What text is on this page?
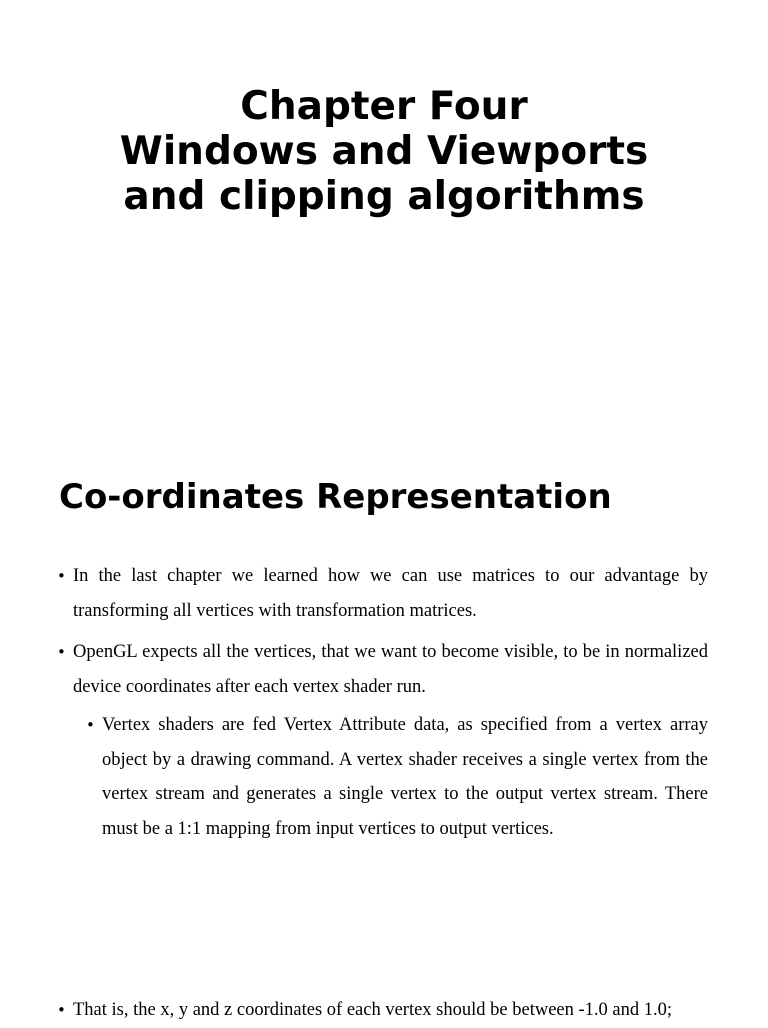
Chapter Four
Windows and Viewports
and clipping algorithms
Co-ordinates Representation
• In the last chapter we learned how we can use matrices to our advantage by transforming all vertices with transformation matrices.
• OpenGL expects all the vertices, that we want to become visible, to be in normalized device coordinates after each vertex shader run.
• Vertex shaders are fed Vertex Attribute data, as specified from a vertex array object by a drawing command. A vertex shader receives a single vertex from the vertex stream and generates a single vertex to the output vertex stream. There must be a 1:1 mapping from input vertices to output vertices.
• That is, the x, y and z coordinates of each vertex should be between -1.0 and 1.0;
